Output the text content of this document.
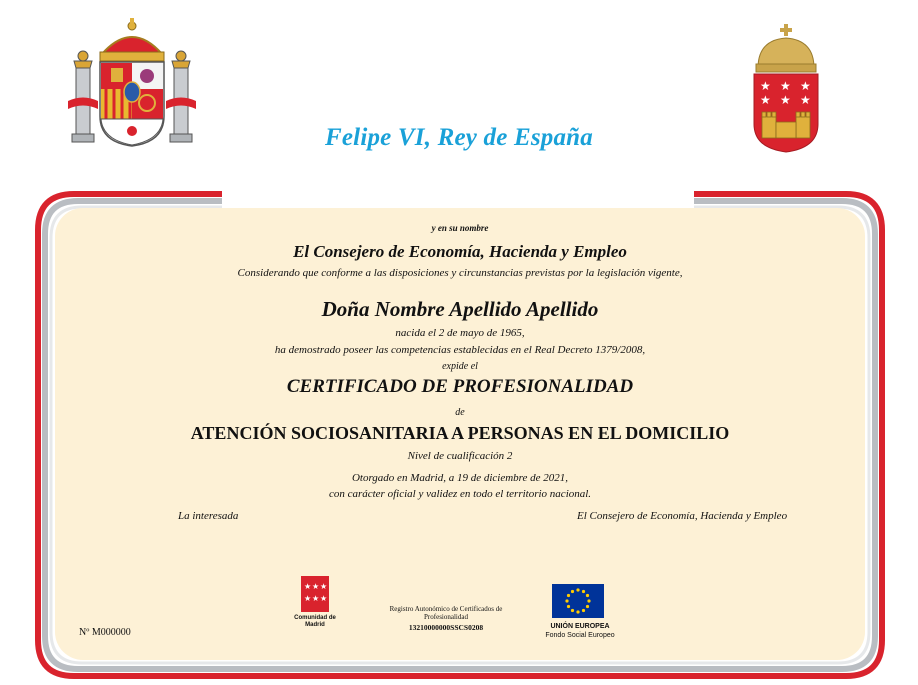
★ ★ ★
★ ★ ★
Felipe VI, Rey de España
y en su nombre
El Consejero de Economía, Hacienda y Empleo
Considerando que conforme a las disposiciones y circunstancias previstas por la legislación vigente,
Doña Nombre Apellido Apellido
nacida el 2 de mayo de 1965,
ha demostrado poseer las competencias establecidas en el Real Decreto 1379/2008,
expide el
CERTIFICADO DE PROFESIONALIDAD
de
ATENCIÓN SOCIOSANITARIA A PERSONAS EN EL DOMICILIO
Nivel de cualificación 2
Otorgado en Madrid, a 19 de diciembre de 2021,
con carácter oficial y validez en todo el territorio nacional.
La interesada	El Consejero de Economía, Hacienda y Empleo
Nº M000000
★ ★ ★
★ ★ ★
Comunidad de Madrid
Registro Autonómico de Certificados de Profesionalidad
13210000000SSCS0208	UNIÓN EUROPEA
Fondo Social Europeo
